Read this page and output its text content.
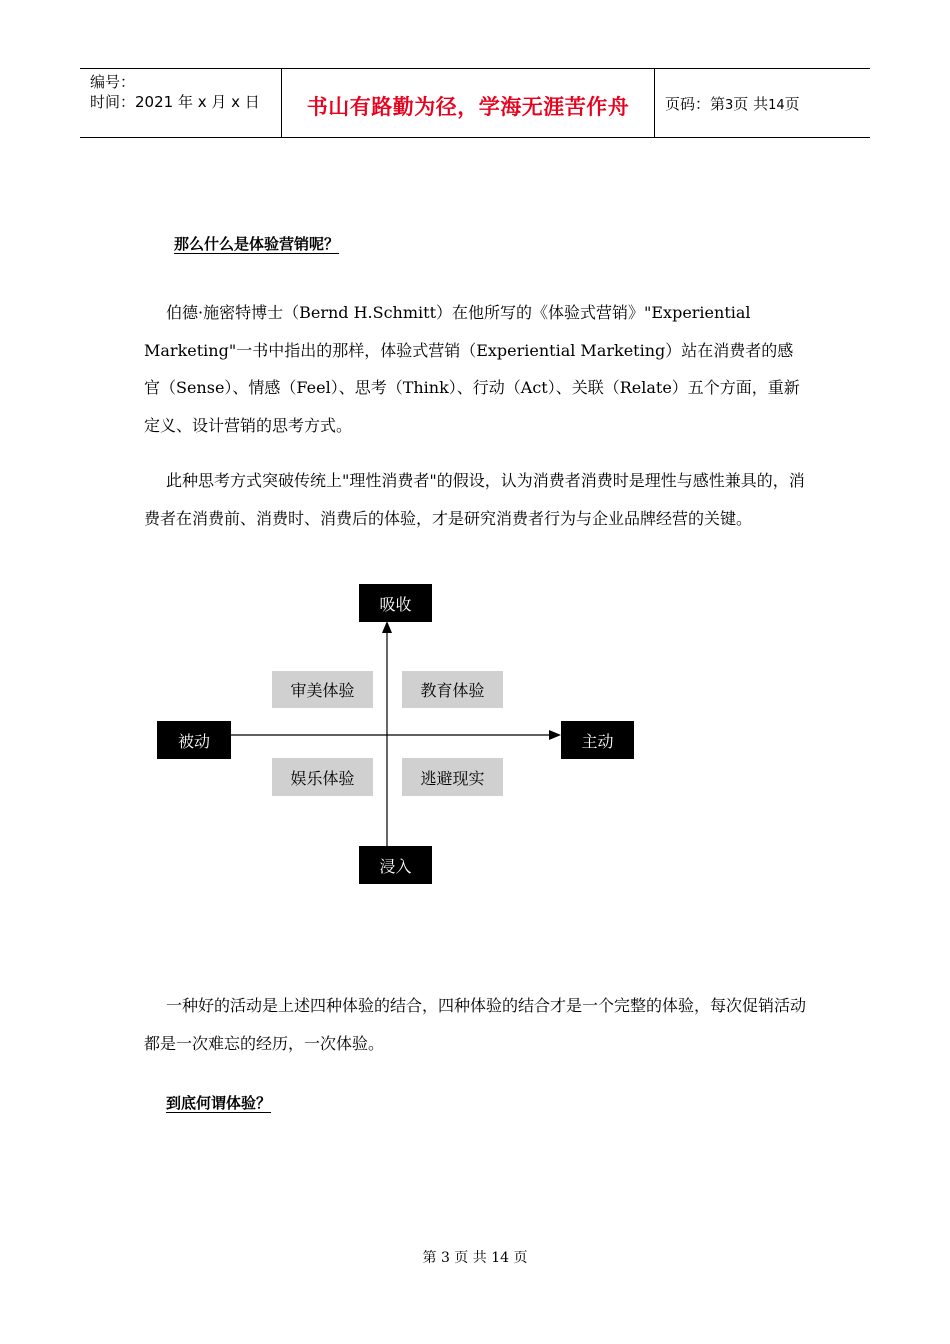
编号：
时间：2021 年 x 月 x 日	书山有路勤为径，学海无涯苦作舟	页码：第3页 共14页
那么什么是体验营销呢？

伯德·施密特博士（Bernd H.Schmitt）在他所写的《体验式营销》"Experiential Marketing"一书中指出的那样，体验式营销（Experiential Marketing）站在消费者的感官（Sense）、情感（Feel）、思考（Think）、行动（Act）、关联（Relate）五个方面，重新定义、设计营销的思考方式。

此种思考方式突破传统上"理性消费者"的假设，认为消费者消费时是理性与感性兼具的，消费者在消费前、消费时、消费后的体验，才是研究消费者行为与企业品牌经营的关键。

吸收
浸入
被动	主动
审美体验	教育体验
娱乐体验	逃避现实

一种好的活动是上述四种体验的结合，四种体验的结合才是一个完整的体验，每次促销活动都是一次难忘的经历，一次体验。

到底何谓体验？
第 3 页 共 14 页
